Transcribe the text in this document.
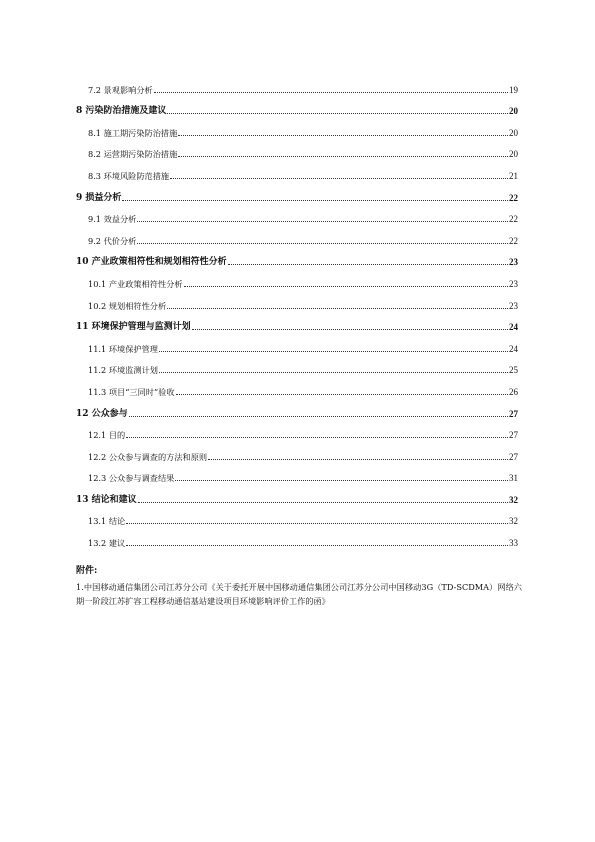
7.2 景观影响分析	19
8 污染防治措施及建议	20
8.1 施工期污染防治措施	20
8.2 运营期污染防治措施	20
8.3 环境风险防范措施	21
9 损益分析	22
9.1 效益分析	22
9.2 代价分析	22
10 产业政策相符性和规划相符性分析	23
10.1 产业政策相符性分析	23
10.2 规划相符性分析	23
11 环境保护管理与监测计划	24
11.1 环境保护管理	24
11.2 环境监测计划	25
11.3 项目“三同时”验收	26
12 公众参与	27
12.1 目的	27
12.2 公众参与调查的方法和原则	27
12.3 公众参与调查结果	31
13 结论和建议	32
13.1 结论	32
13.2 建议	33
附件:
1.中国移动通信集团公司江苏分公司《关于委托开展中国移动通信集团公司江苏分公司中国移动3G（TD-SCDMA）网络六期一阶段江苏扩容工程移动通信基站建设项目环境影响评价工作的函》
